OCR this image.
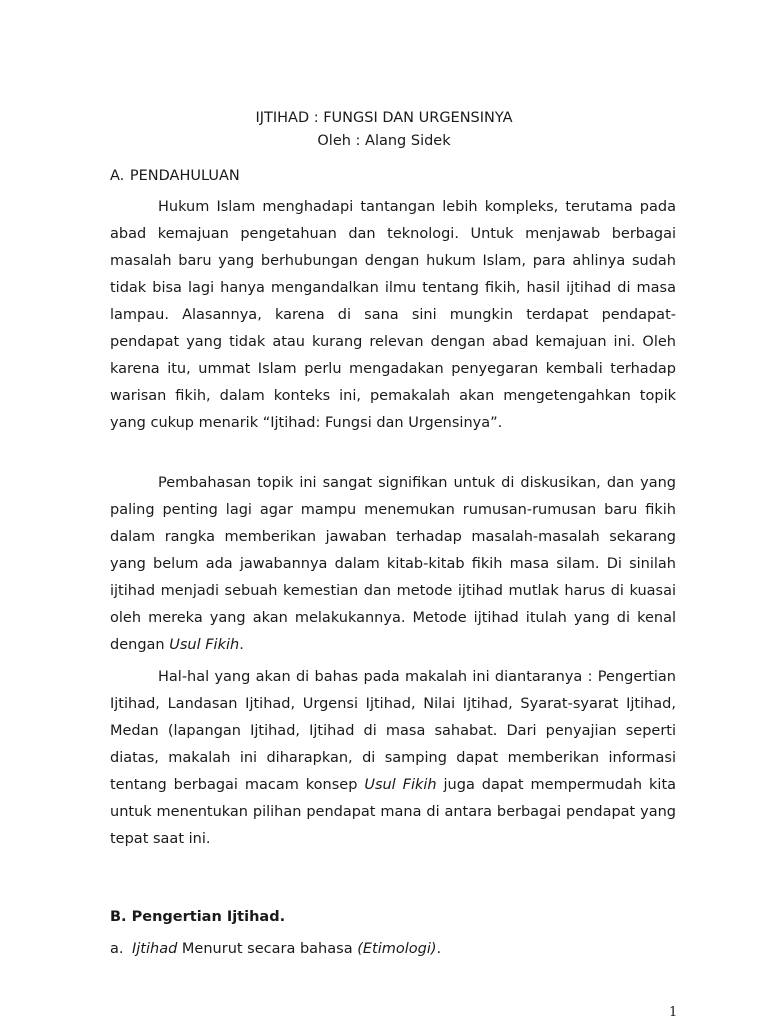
IJTIHAD : FUNGSI DAN URGENSINYA
Oleh : Alang Sidek
A. PENDAHULUAN

Hukum Islam menghadapi tantangan lebih kompleks, terutama pada abad kemajuan pengetahuan dan teknologi. Untuk menjawab berbagai masalah baru yang berhubungan dengan hukum Islam, para ahlinya sudah tidak bisa lagi hanya mengandalkan ilmu tentang fikih, hasil ijtihad di masa lampau. Alasannya, karena di sana sini mungkin terdapat pendapat-pendapat yang tidak atau kurang relevan dengan abad kemajuan ini. Oleh karena itu, ummat Islam perlu mengadakan penyegaran kembali terhadap warisan fikih, dalam konteks ini, pemakalah akan mengetengahkan topik yang cukup menarik “Ijtihad: Fungsi dan Urgensinya”.

Pembahasan topik ini sangat signifikan untuk di diskusikan, dan yang paling penting lagi agar mampu menemukan rumusan-rumusan baru fikih dalam rangka memberikan jawaban terhadap masalah-masalah sekarang yang belum ada jawabannya dalam kitab-kitab fikih masa silam. Di sinilah ijtihad menjadi sebuah kemestian dan metode ijtihad mutlak harus di kuasai oleh mereka yang akan melakukannya. Metode ijtihad itulah yang di kenal dengan Usul Fikih.

Hal-hal yang akan di bahas pada makalah ini diantaranya : Pengertian Ijtihad, Landasan Ijtihad, Urgensi Ijtihad, Nilai Ijtihad, Syarat-syarat Ijtihad, Medan (lapangan Ijtihad, Ijtihad di masa sahabat. Dari penyajian seperti diatas, makalah ini diharapkan, di samping dapat memberikan informasi tentang berbagai macam konsep Usul Fikih juga dapat mempermudah kita untuk menentukan pilihan pendapat mana di antara berbagai pendapat yang tepat saat ini.

B. Pengertian Ijtihad.
a. Ijtihad Menurut secara bahasa (Etimologi).
1
